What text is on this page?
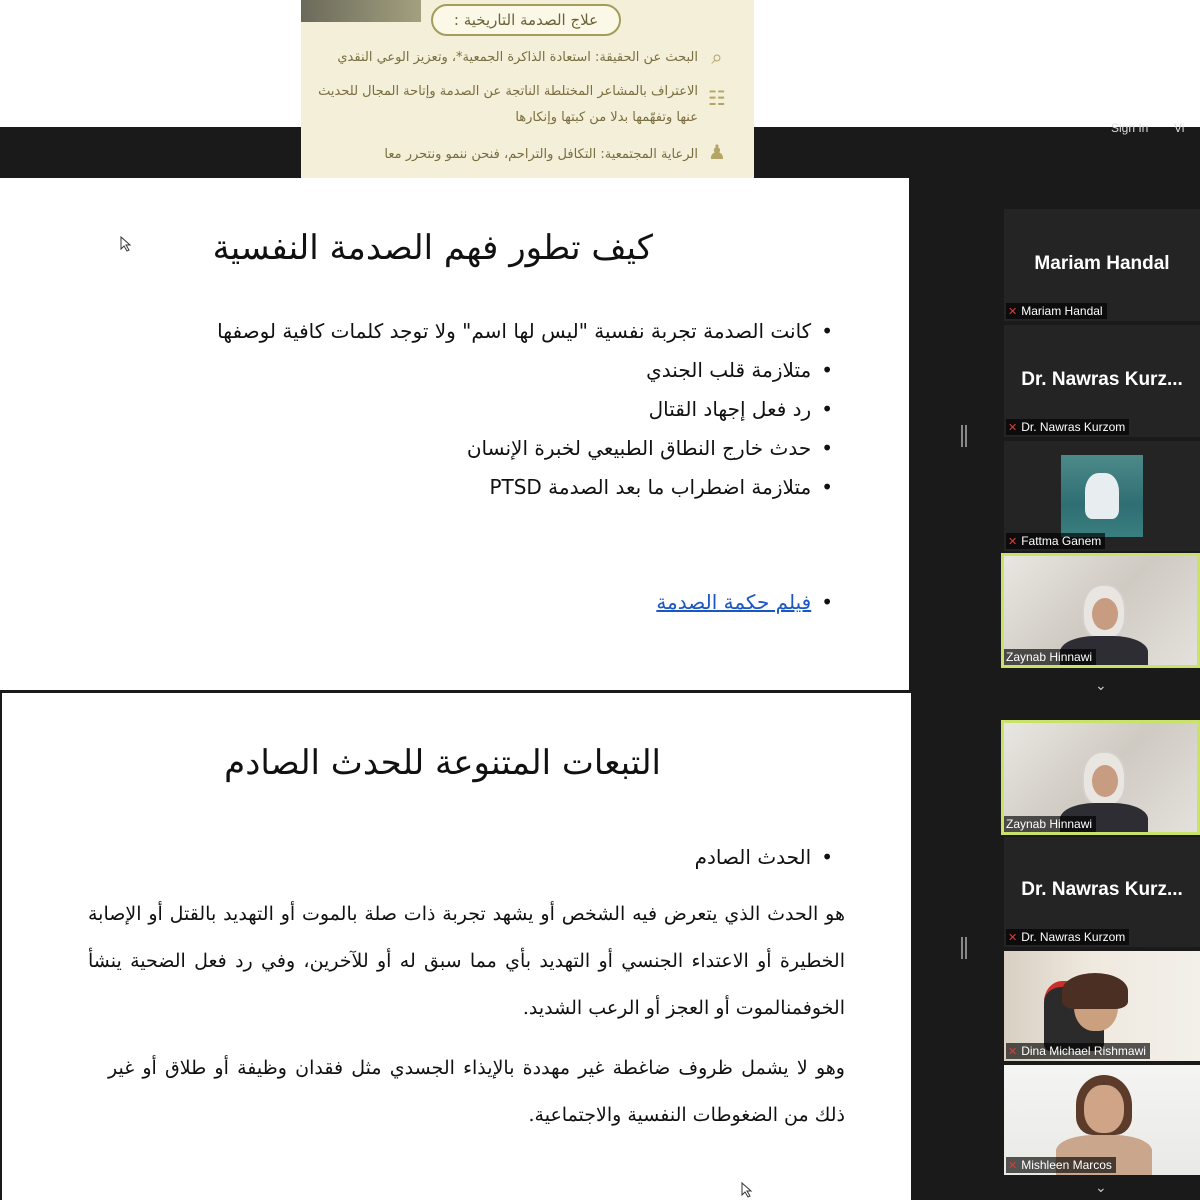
Sign In Vi
علاج الصدمة التاريخية :
البحث عن الحقيقة: استعادة الذاكرة الجمعية*، وتعزيز الوعي النقدي ⌕
الاعتراف بالمشاعر المختلطة الناتجة عن الصدمة وإتاحة المجال للحديث
عنها وتفهّمها بدلا من كبتها وإنكارها
☷
الرعاية المجتمعية: التكافل والتراحم، فنحن ننمو ونتحرر معا ♟
كيف تطور فهم الصدمة النفسية
• كانت الصدمة تجربة نفسية "ليس لها اسم" ولا توجد كلمات كافية لوصفها
• متلازمة قلب الجندي
• رد فعل إجهاد القتال
• حدث خارج النطاق الطبيعي لخبرة الإنسان
• متلازمة اضطراب ما بعد الصدمة PTSD
• فيلم حكمة الصدمة
التبعات المتنوعة للحدث الصادم
• الحدث الصادم
هو الحدث الذي يتعرض فيه الشخص أو يشهد تجربة ذات صلة بالموت أو التهديد بالقتل أو الإصابة الخطيرة أو الاعتداء الجنسي أو التهديد بأي مما سبق له أو للآخرين، وفي رد فعل الضحية ينشأ الخوفمنالموت أو العجز أو الرعب الشديد.
وهو لا يشمل ظروف ضاغطة غير مهددة بالإيذاء الجسدي مثل فقدان وظيفة أو طلاق أو غير ذلك من الضغوطات النفسية والاجتماعية.
Mariam Handal
✕ Mariam Handal
Dr. Nawras Kurz...
✕ Dr. Nawras Kurzom
✕ Fattma Ganem
Zaynab Hinnawi
⌄
Zaynab Hinnawi
Dr. Nawras Kurz...
✕ Dr. Nawras Kurzom
✕ Dina Michael Rishmawi
✕ Mishleen Marcos
⌄
